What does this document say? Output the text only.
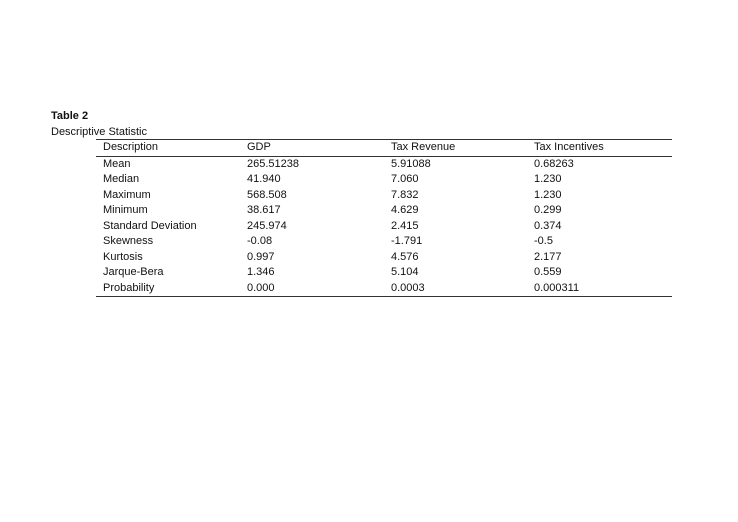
Table 2
Descriptive Statistic
Description	GDP	Tax Revenue	Tax Incentives
Mean	265.51238	5.91088	0.68263
Median	41.940	7.060	1.230
Maximum	568.508	7.832	1.230
Minimum	38.617	4.629	0.299
Standard Deviation	245.974	2.415	0.374
Skewness	-0.08	-1.791	-0.5
Kurtosis	0.997	4.576	2.177
Jarque-Bera	1.346	5.104	0.559
Probability	0.000	0.0003	0.000311
